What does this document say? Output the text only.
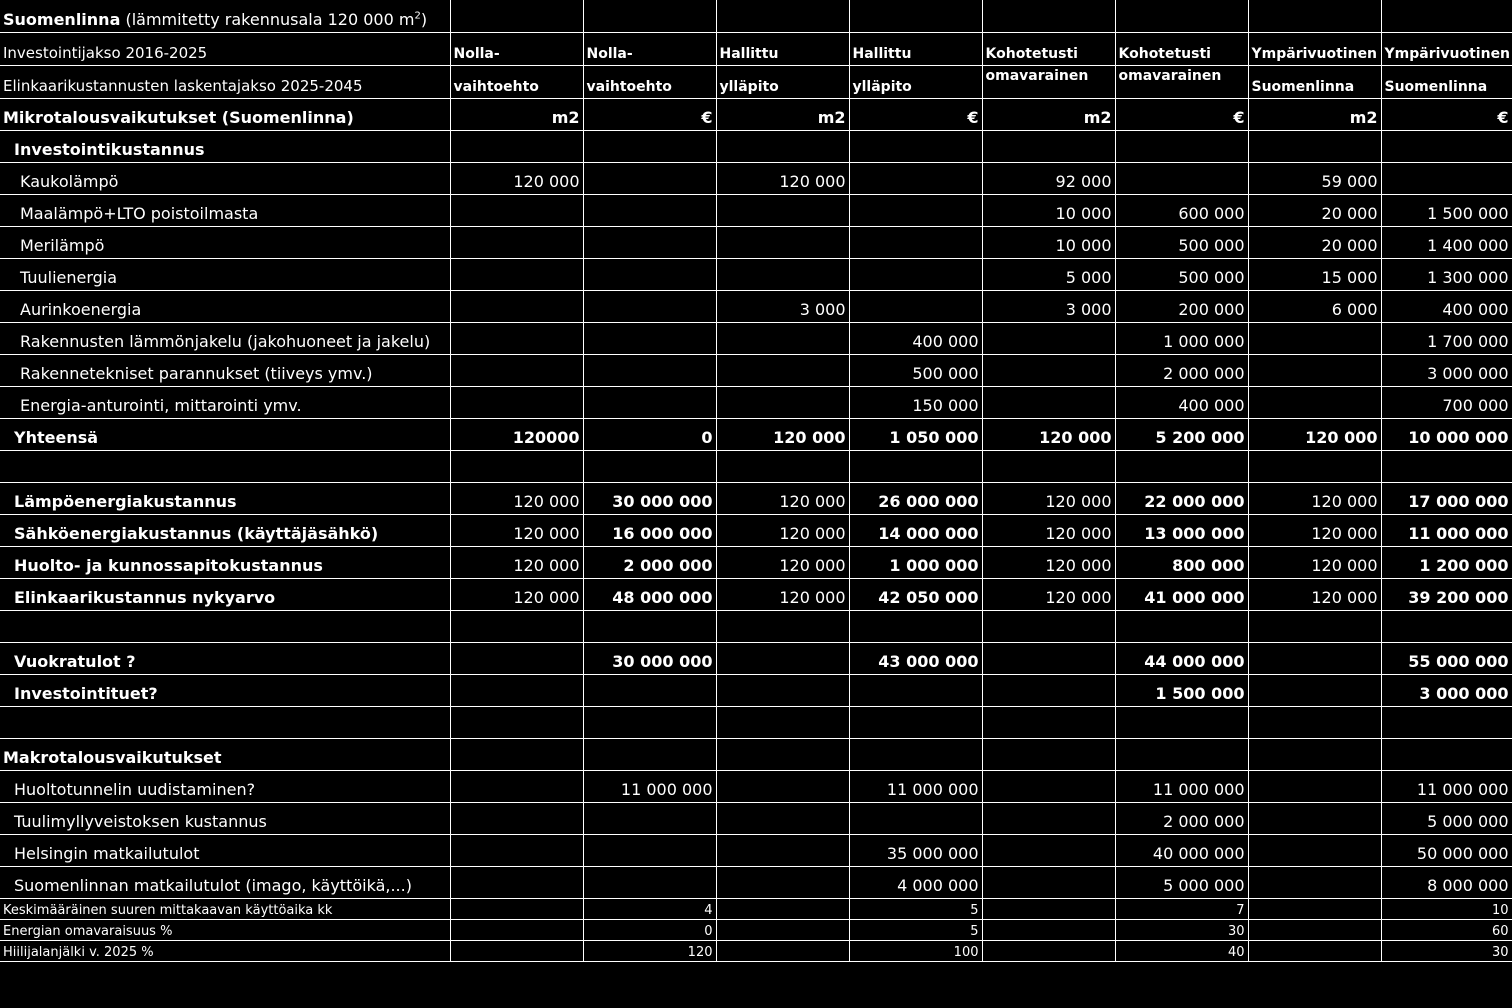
Suomenlinna (lämmitetty rakennusala 120 000 $m^2$)								
Investointijakso 2016-2025	Nolla-	Nolla-	Hallittu	Hallittu	Kohotetusti	Kohotetusti	Ympärivuotinen	Ympärivuotinen
Elinkaarikustannusten laskentajakso 2025-2045	vaihtoehto	vaihtoehto	ylläpito	ylläpito	omavarainen	omavarainen	Suomenlinna	Suomenlinna
Mikrotalousvaikutukset (Suomenlinna)	m2	€	m2	€	m2	€	m2	€
Investointikustannus								
Kaukolämpö	120 000		120 000		92 000		59 000	
Maalämpö+LTO poistoilmasta					10 000	600 000	20 000	1 500 000
Merilämpö					10 000	500 000	20 000	1 400 000
Tuulienergia					5 000	500 000	15 000	1 300 000
Aurinkoenergia			3 000		3 000	200 000	6 000	400 000
Rakennusten lämmönjakelu (jakohuoneet ja jakelu)				400 000		1 000 000		1 700 000
Rakennetekniset parannukset (tiiveys ymv.)				500 000		2 000 000		3 000 000
Energia-anturointi, mittarointi ymv.				150 000		400 000		700 000
Yhteensä	120000	0	120 000	1 050 000	120 000	5 200 000	120 000	10 000 000

Lämpöenergiakustannus	120 000	30 000 000	120 000	26 000 000	120 000	22 000 000	120 000	17 000 000
Sähköenergiakustannus (käyttäjäsähkö)	120 000	16 000 000	120 000	14 000 000	120 000	13 000 000	120 000	11 000 000
Huolto- ja kunnossapitokustannus	120 000	2 000 000	120 000	1 000 000	120 000	800 000	120 000	1 200 000
Elinkaarikustannus nykyarvo	120 000	48 000 000	120 000	42 050 000	120 000	41 000 000	120 000	39 200 000

Vuokratulot ?		30 000 000		43 000 000		44 000 000		55 000 000
Investointituet?						1 500 000		3 000 000

Makrotalousvaikutukset								
Huoltotunnelin uudistaminen?		11 000 000		11 000 000		11 000 000		11 000 000
Tuulimyllyveistoksen kustannus						2 000 000		5 000 000
Helsingin matkailutulot				35 000 000		40 000 000		50 000 000
Suomenlinnan matkailutulot (imago, käyttöikä,...)				4 000 000		5 000 000		8 000 000
Keskimääräinen suuren mittakaavan käyttöaika kk		4		5		7		10
Energian omavaraisuus %		0		5		30		60
Hiilijalanjälki v. 2025 %		120		100		40		30
